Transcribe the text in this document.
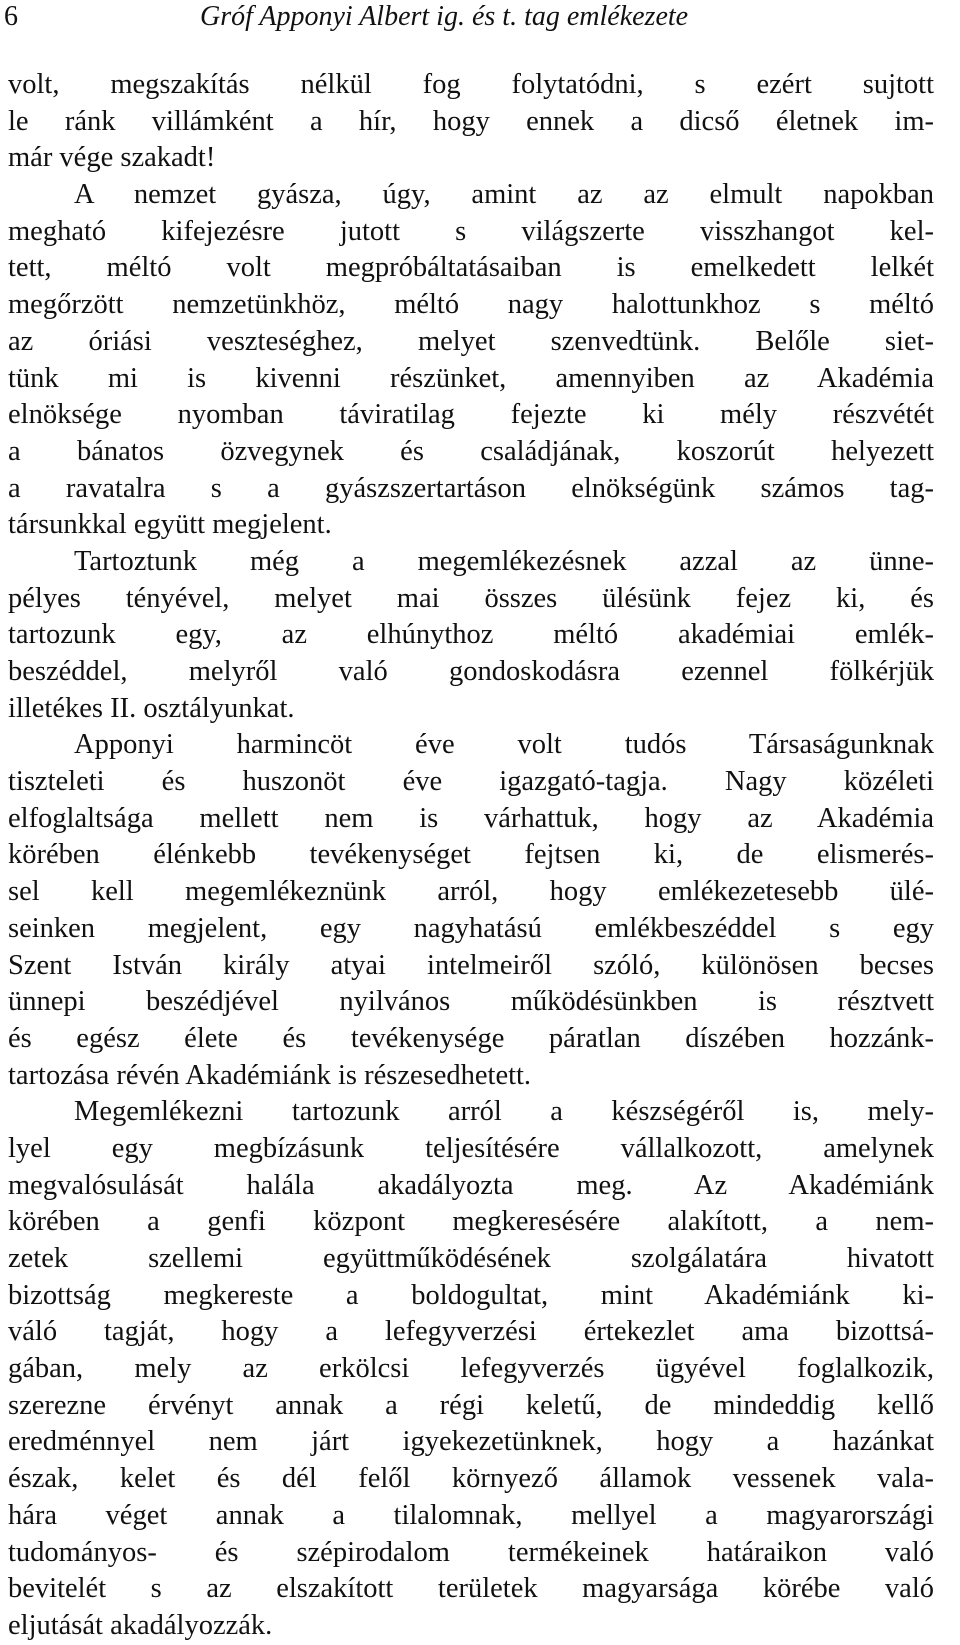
6	Gróf Apponyi Albert ig. és t. tag emlékezete
volt, megszakítás nélkül fog folytatódni, s ezért sujtott
le ránk villámként a hír, hogy ennek a dicső életnek im-
már vége szakadt!
A nemzet gyásza, úgy, amint az az elmult napokban
megható kifejezésre jutott s világszerte visszhangot kel-
tett, méltó volt megpróbáltatásaiban is emelkedett lelkét
megőrzött nemzetünkhöz, méltó nagy halottunkhoz s méltó
az óriási veszteséghez, melyet szenvedtünk. Belőle siet-
tünk mi is kivenni részünket, amennyiben az Akadémia
elnöksége nyomban táviratilag fejezte ki mély részvétét
a bánatos özvegynek és családjának, koszorút helyezett
a ravatalra s a gyászszertartáson elnökségünk számos tag-
társunkkal együtt megjelent.
Tartoztunk még a megemlékezésnek azzal az ünne-
pélyes tényével, melyet mai összes ülésünk fejez ki, és
tartozunk egy, az elhúnythoz méltó akadémiai emlék-
beszéddel, melyről való gondoskodásra ezennel fölkérjük
illetékes II. osztályunkat.
Apponyi harmincöt éve volt tudós Társaságunknak
tiszteleti és huszonöt éve igazgató-tagja. Nagy közéleti
elfoglaltsága mellett nem is várhattuk, hogy az Akadémia
körében élénkebb tevékenységet fejtsen ki, de elismerés-
sel kell megemlékeznünk arról, hogy emlékezetesebb ülé-
seinken megjelent, egy nagyhatású emlékbeszéddel s egy
Szent István király atyai intelmeiről szóló, különösen becses
ünnepi beszédjével nyilvános működésünkben is résztvett
és egész élete és tevékenysége páratlan díszében hozzánk-
tartozása révén Akadémiánk is részesedhetett.
Megemlékezni tartozunk arról a készségéről is, mely-
lyel egy megbízásunk teljesítésére vállalkozott, amelynek
megvalósulását halála akadályozta meg. Az Akadémiánk
körében a genfi központ megkeresésére alakított, a nem-
zetek szellemi együttműködésének szolgálatára hivatott
bizottság megkereste a boldogultat, mint Akadémiánk ki-
váló tagját, hogy a lefegyverzési értekezlet ama bizottsá-
gában, mely az erkölcsi lefegyverzés ügyével foglalkozik,
szerezne érvényt annak a régi keletű, de mindeddig kellő
eredménnyel nem járt igyekezetünknek, hogy a hazánkat
észak, kelet és dél felől környező államok vessenek vala-
hára véget annak a tilalomnak, mellyel a magyarországi
tudományos- és szépirodalom termékeinek határaikon való
bevitelét s az elszakított területek magyarsága körébe való
eljutását akadályozzák.
